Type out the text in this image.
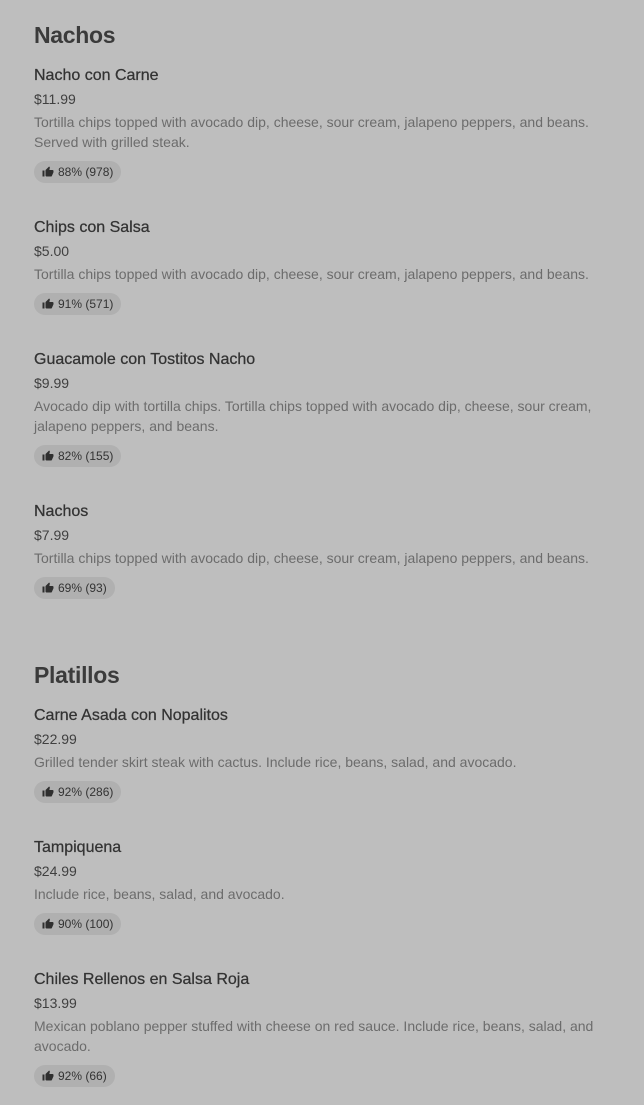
Nachos
Nacho con Carne
$11.99
Tortilla chips topped with avocado dip, cheese, sour cream, jalapeno peppers, and beans. Served with grilled steak.
88% (978)
Chips con Salsa
$5.00
Tortilla chips topped with avocado dip, cheese, sour cream, jalapeno peppers, and beans.
91% (571)
Guacamole con Tostitos Nacho
$9.99
Avocado dip with tortilla chips. Tortilla chips topped with avocado dip, cheese, sour cream, jalapeno peppers, and beans.
82% (155)
Nachos
$7.99
Tortilla chips topped with avocado dip, cheese, sour cream, jalapeno peppers, and beans.
69% (93)
Platillos
Carne Asada con Nopalitos
$22.99
Grilled tender skirt steak with cactus. Include rice, beans, salad, and avocado.
92% (286)
Tampiquena
$24.99
Include rice, beans, salad, and avocado.
90% (100)
Chiles Rellenos en Salsa Roja
$13.99
Mexican poblano pepper stuffed with cheese on red sauce. Include rice, beans, salad, and avocado.
92% (66)
